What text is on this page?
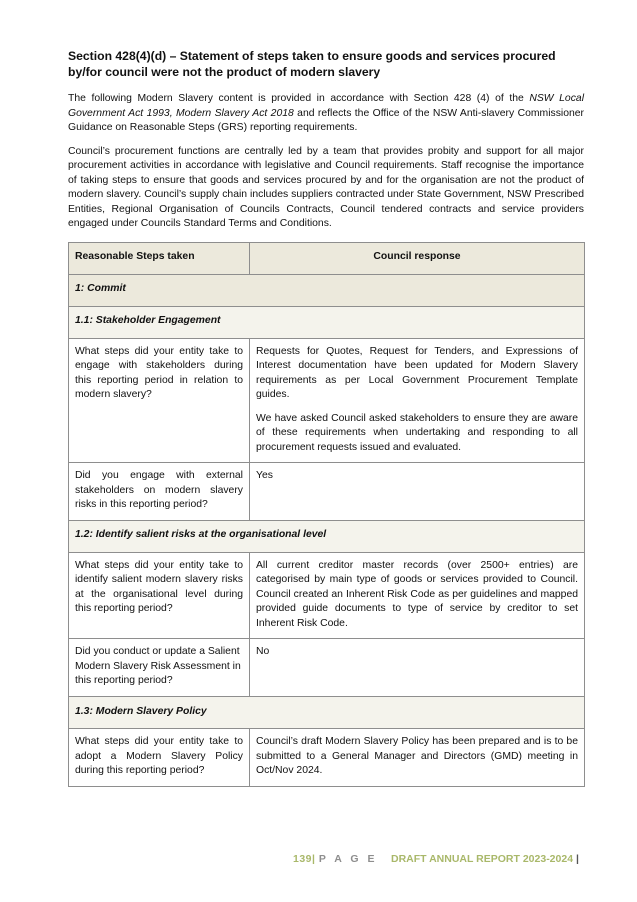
Section 428(4)(d) – Statement of steps taken to ensure goods and services procured by/for council were not the product of modern slavery

The following Modern Slavery content is provided in accordance with Section 428 (4) of the NSW Local Government Act 1993, Modern Slavery Act 2018 and reflects the Office of the NSW Anti-slavery Commissioner Guidance on Reasonable Steps (GRS) reporting requirements.

Council’s procurement functions are centrally led by a team that provides probity and support for all major procurement activities in accordance with legislative and Council requirements. Staff recognise the importance of taking steps to ensure that goods and services procured by and for the organisation are not the product of modern slavery. Council’s supply chain includes suppliers contracted under State Government, NSW Prescribed Entities, Regional Organisation of Councils Contracts, Council tendered contracts and service providers engaged under Councils Standard Terms and Conditions.

Reasonable Steps taken	Council response
1: Commit	
1.1: Stakeholder Engagement	
What steps did your entity take to engage with stakeholders during this reporting period in relation to modern slavery?	Requests for Quotes, Request for Tenders, and Expressions of Interest documentation have been updated for Modern Slavery requirements as per Local Government Procurement Template guides.
We have asked Council asked stakeholders to ensure they are aware of these requirements when undertaking and responding to all procurement requests issued and evaluated.

Did you engage with external stakeholders on modern slavery risks in this reporting period?	Yes
1.2: Identify salient risks at the organisational level	
What steps did your entity take to identify salient modern slavery risks at the organisational level during this reporting period?	All current creditor master records (over 2500+ entries) are categorised by main type of goods or services provided to Council. Council created an Inherent Risk Code as per guidelines and mapped provided guide documents to type of service by creditor to set Inherent Risk Code.
Did you conduct or update a Salient Modern Slavery Risk Assessment in this reporting period?	No
1.3: Modern Slavery Policy	
What steps did your entity take to adopt a Modern Slavery Policy during this reporting period?	Council’s draft Modern Slavery Policy has been prepared and is to be submitted to a General Manager and Directors (GMD) meeting in Oct/Nov 2024.
139| P A G E DRAFT ANNUAL REPORT 2023-2024 |
